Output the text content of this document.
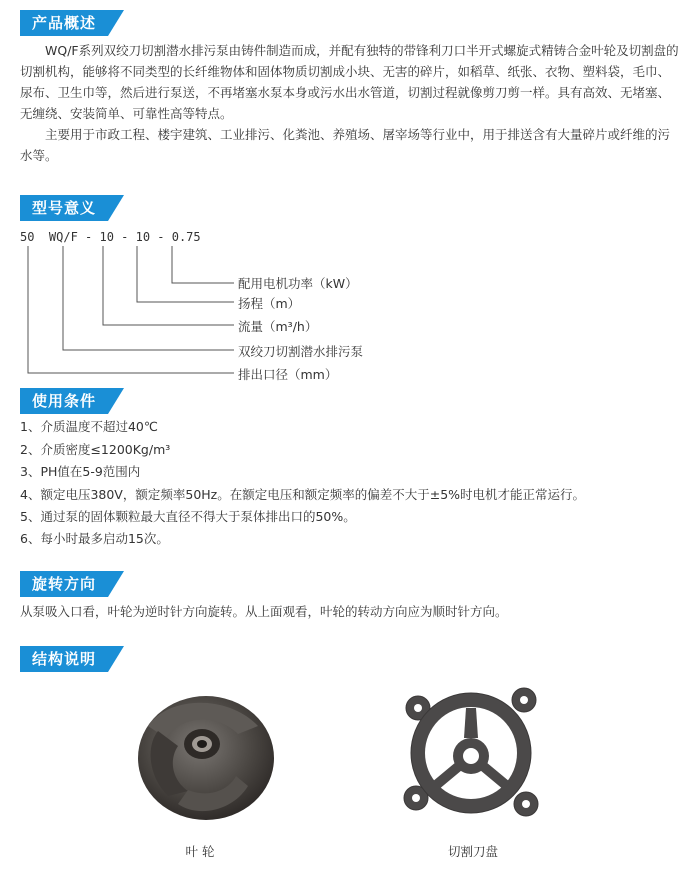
产品概述
WQ/F系列双绞刀切割潜水排污泵由铸件制造而成，并配有独特的带锋利刀口半开式螺旋式精铸合金叶轮及切割盘的切割机构，能够将不同类型的长纤维物体和固体物质切割成小块、无害的碎片，如稻草、纸张、衣物、塑料袋，毛巾、尿布、卫生巾等，然后进行泵送，不再堵塞水泵本身或污水出水管道，切割过程就像剪刀剪一样。具有高效、无堵塞、无缠绕、安装简单、可靠性高等特点。
主要用于市政工程、楼宇建筑、工业排污、化粪池、养殖场、屠宰场等行业中，用于排送含有大量碎片或纤维的污水等。
型号意义
50  WQ/F - 10 - 10 - 0.75
配用电机功率（kW）
扬程（m）
流量（m³/h）
双绞刀切割潜水排污泵
排出口径（mm）
使用条件
1、介质温度不超过40℃
2、介质密度≤1200Kg/m³
3、PH值在5-9范围内
4、额定电压380V，额定频率50Hz。在额定电压和额定频率的偏差不大于±5%时电机才能正常运行。
5、通过泵的固体颗粒最大直径不得大于泵体排出口的50%。
6、每小时最多启动15次。
旋转方向
从泵吸入口看，叶轮为逆时针方向旋转。从上面观看，叶轮的转动方向应为顺时针方向。
结构说明
叶 轮	切割刀盘
